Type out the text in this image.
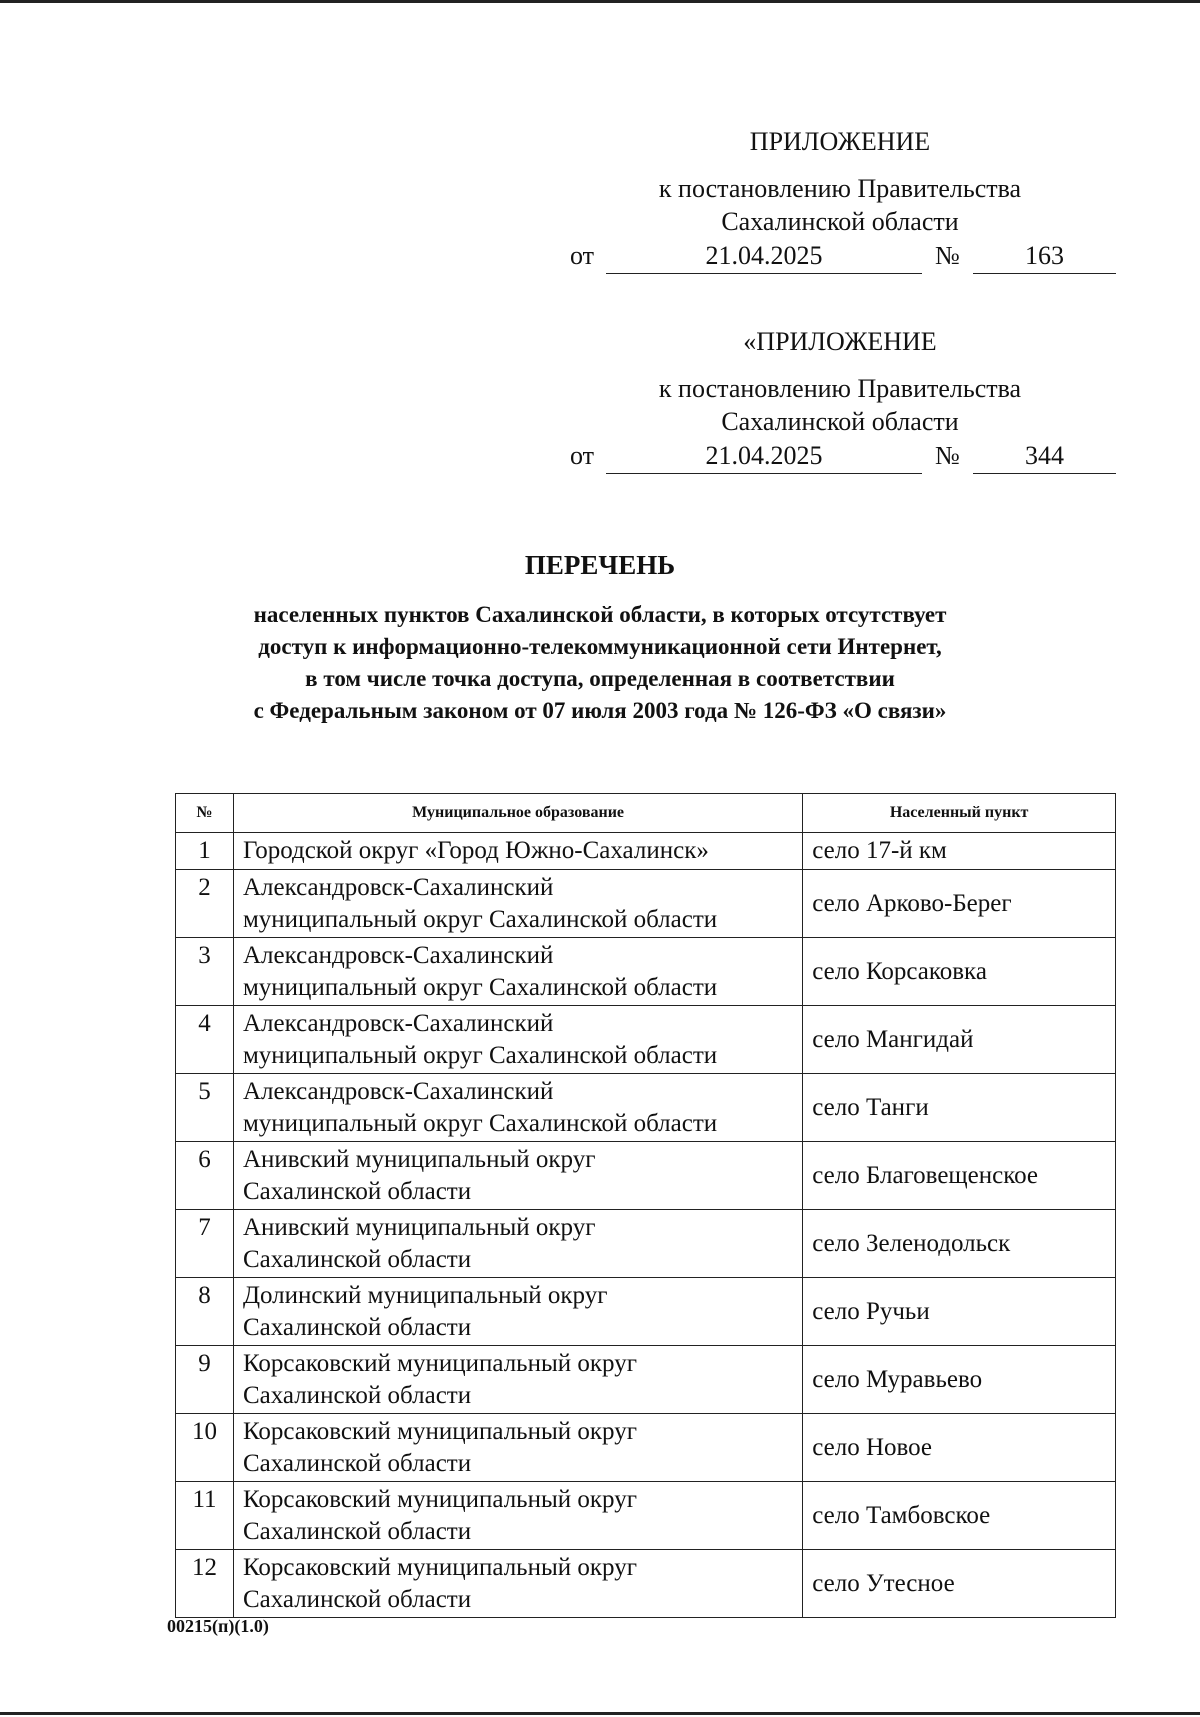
ПРИЛОЖЕНИЕ
к постановлению Правительства
Сахалинской области
от	21.04.2025	№	163
«ПРИЛОЖЕНИЕ
к постановлению Правительства
Сахалинской области
от	21.04.2025	№	344
ПЕРЕЧЕНЬ
населенных пунктов Сахалинской области, в которых отсутствует
доступ к информационно-телекоммуникационной сети Интернет,
в том числе точка доступа, определенная в соответствии
с Федеральным законом от 07 июля 2003 года № 126-ФЗ «О связи»
№	Муниципальное образование	Населенный пункт
1	Городской округ «Город Южно-Сахалинск»	село 17-й км
2	Александровск-Сахалинский
муниципальный округ Сахалинской области	село Арково-Берег
3	Александровск-Сахалинский
муниципальный округ Сахалинской области	село Корсаковка
4	Александровск-Сахалинский
муниципальный округ Сахалинской области	село Мангидай
5	Александровск-Сахалинский
муниципальный округ Сахалинской области	село Танги
6	Анивский муниципальный округ
Сахалинской области	село Благовещенское
7	Анивский муниципальный округ
Сахалинской области	село Зеленодольск
8	Долинский муниципальный округ
Сахалинской области	село Ручьи
9	Корсаковский муниципальный округ
Сахалинской области	село Муравьево
10	Корсаковский муниципальный округ
Сахалинской области	село Новое
11	Корсаковский муниципальный округ
Сахалинской области	село Тамбовское
12	Корсаковский муниципальный округ
Сахалинской области	село Утесное
00215(п)(1.0)
